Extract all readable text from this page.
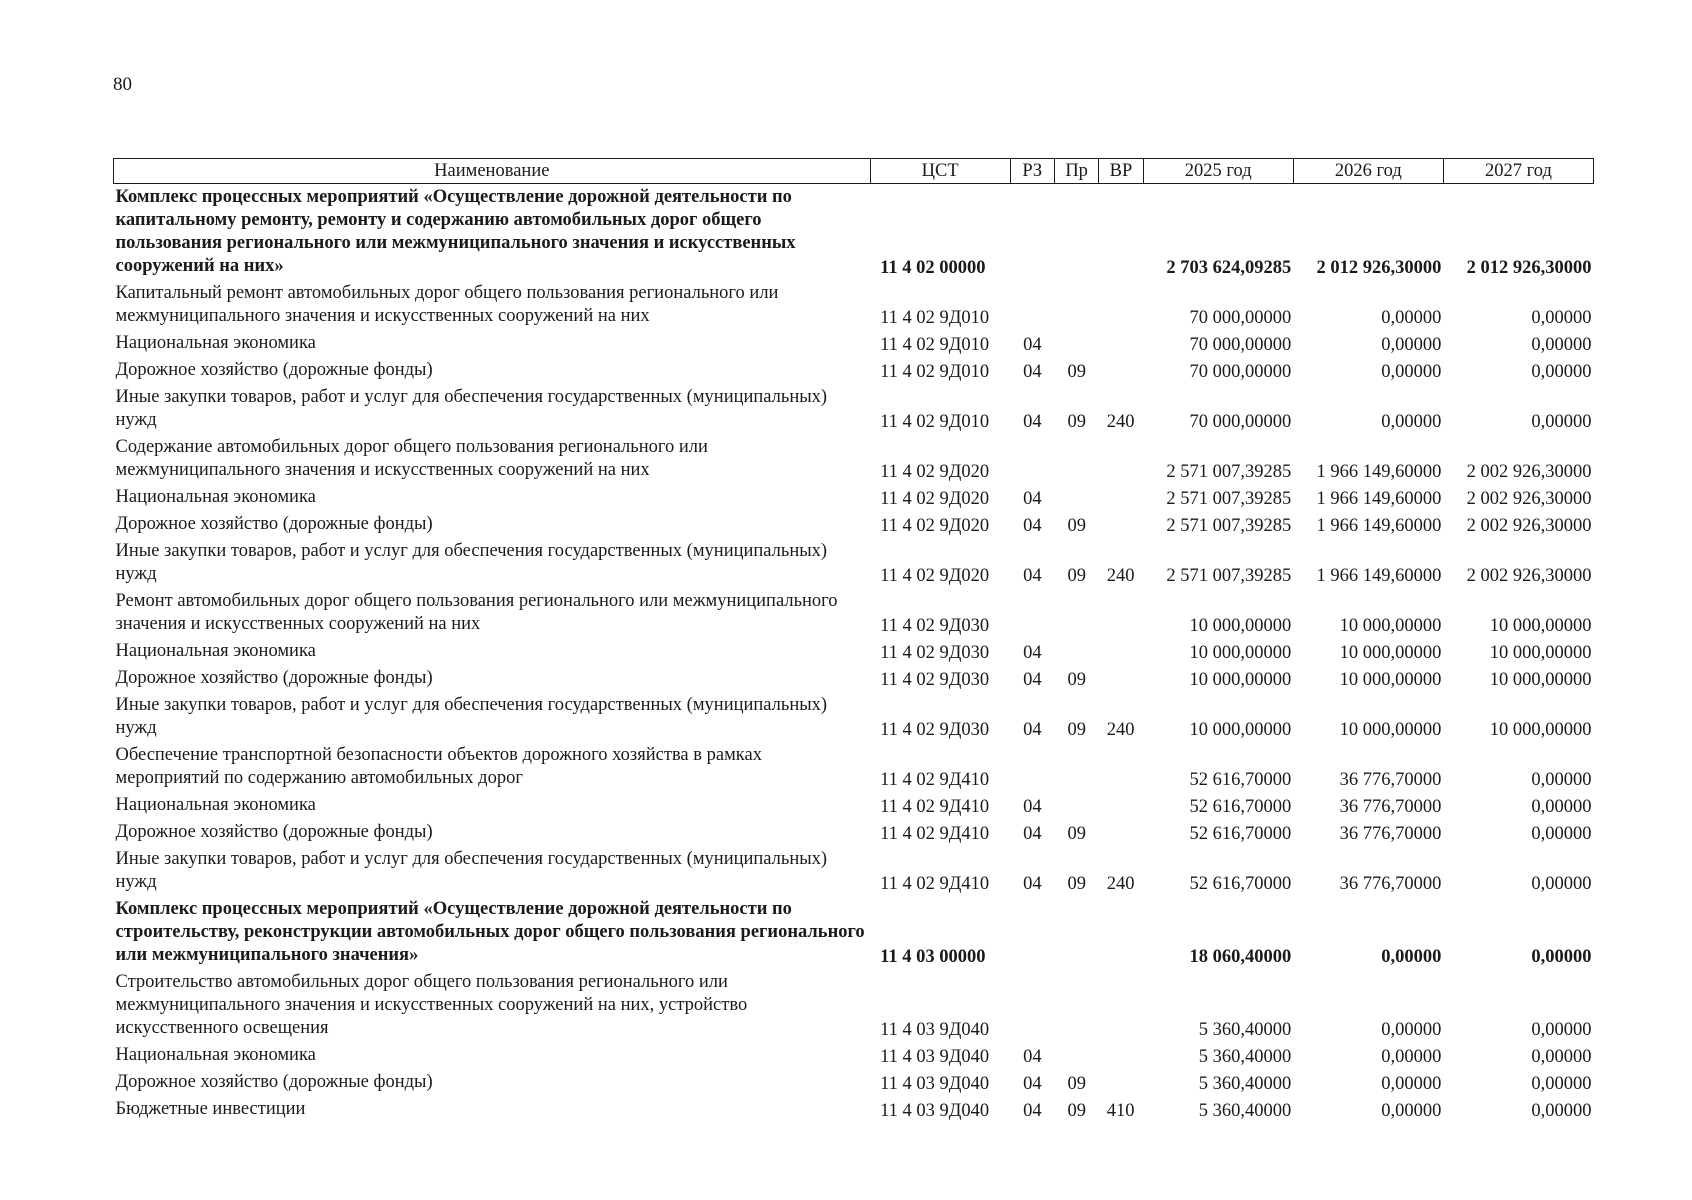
80
Наименование	ЦСТ	РЗ	Пр	ВР	2025 год	2026 год	2027 год
Комплекс процессных мероприятий «Осуществление дорожной деятельности по капитальному ремонту, ремонту и содержанию автомобильных дорог общего пользования регионального или межмуниципального значения и искусственных сооружений на них»	11 4 02 00000				2 703 624,09285	2 012 926,30000	2 012 926,30000
Капитальный ремонт автомобильных дорог общего пользования регионального или межмуниципального значения и искусственных сооружений на них	11 4 02 9Д010				70 000,00000	0,00000	0,00000
Национальная экономика	11 4 02 9Д010	04			70 000,00000	0,00000	0,00000
Дорожное хозяйство (дорожные фонды)	11 4 02 9Д010	04	09		70 000,00000	0,00000	0,00000
Иные закупки товаров, работ и услуг для обеспечения государственных (муниципальных) нужд	11 4 02 9Д010	04	09	240	70 000,00000	0,00000	0,00000
Содержание автомобильных дорог общего пользования регионального или межмуниципального значения и искусственных сооружений на них	11 4 02 9Д020				2 571 007,39285	1 966 149,60000	2 002 926,30000
Национальная экономика	11 4 02 9Д020	04			2 571 007,39285	1 966 149,60000	2 002 926,30000
Дорожное хозяйство (дорожные фонды)	11 4 02 9Д020	04	09		2 571 007,39285	1 966 149,60000	2 002 926,30000
Иные закупки товаров, работ и услуг для обеспечения государственных (муниципальных) нужд	11 4 02 9Д020	04	09	240	2 571 007,39285	1 966 149,60000	2 002 926,30000
Ремонт автомобильных дорог общего пользования регионального или межмуниципального значения и искусственных сооружений на них	11 4 02 9Д030				10 000,00000	10 000,00000	10 000,00000
Национальная экономика	11 4 02 9Д030	04			10 000,00000	10 000,00000	10 000,00000
Дорожное хозяйство (дорожные фонды)	11 4 02 9Д030	04	09		10 000,00000	10 000,00000	10 000,00000
Иные закупки товаров, работ и услуг для обеспечения государственных (муниципальных) нужд	11 4 02 9Д030	04	09	240	10 000,00000	10 000,00000	10 000,00000
Обеспечение транспортной безопасности объектов дорожного хозяйства в рамках мероприятий по содержанию автомобильных дорог	11 4 02 9Д410				52 616,70000	36 776,70000	0,00000
Национальная экономика	11 4 02 9Д410	04			52 616,70000	36 776,70000	0,00000
Дорожное хозяйство (дорожные фонды)	11 4 02 9Д410	04	09		52 616,70000	36 776,70000	0,00000
Иные закупки товаров, работ и услуг для обеспечения государственных (муниципальных) нужд	11 4 02 9Д410	04	09	240	52 616,70000	36 776,70000	0,00000
Комплекс процессных мероприятий «Осуществление дорожной деятельности по строительству, реконструкции автомобильных дорог общего пользования регионального или межмуниципального значения»	11 4 03 00000				18 060,40000	0,00000	0,00000
Строительство автомобильных дорог общего пользования регионального или межмуниципального значения и искусственных сооружений на них, устройство искусственного освещения	11 4 03 9Д040				5 360,40000	0,00000	0,00000
Национальная экономика	11 4 03 9Д040	04			5 360,40000	0,00000	0,00000
Дорожное хозяйство (дорожные фонды)	11 4 03 9Д040	04	09		5 360,40000	0,00000	0,00000
Бюджетные инвестиции	11 4 03 9Д040	04	09	410	5 360,40000	0,00000	0,00000
